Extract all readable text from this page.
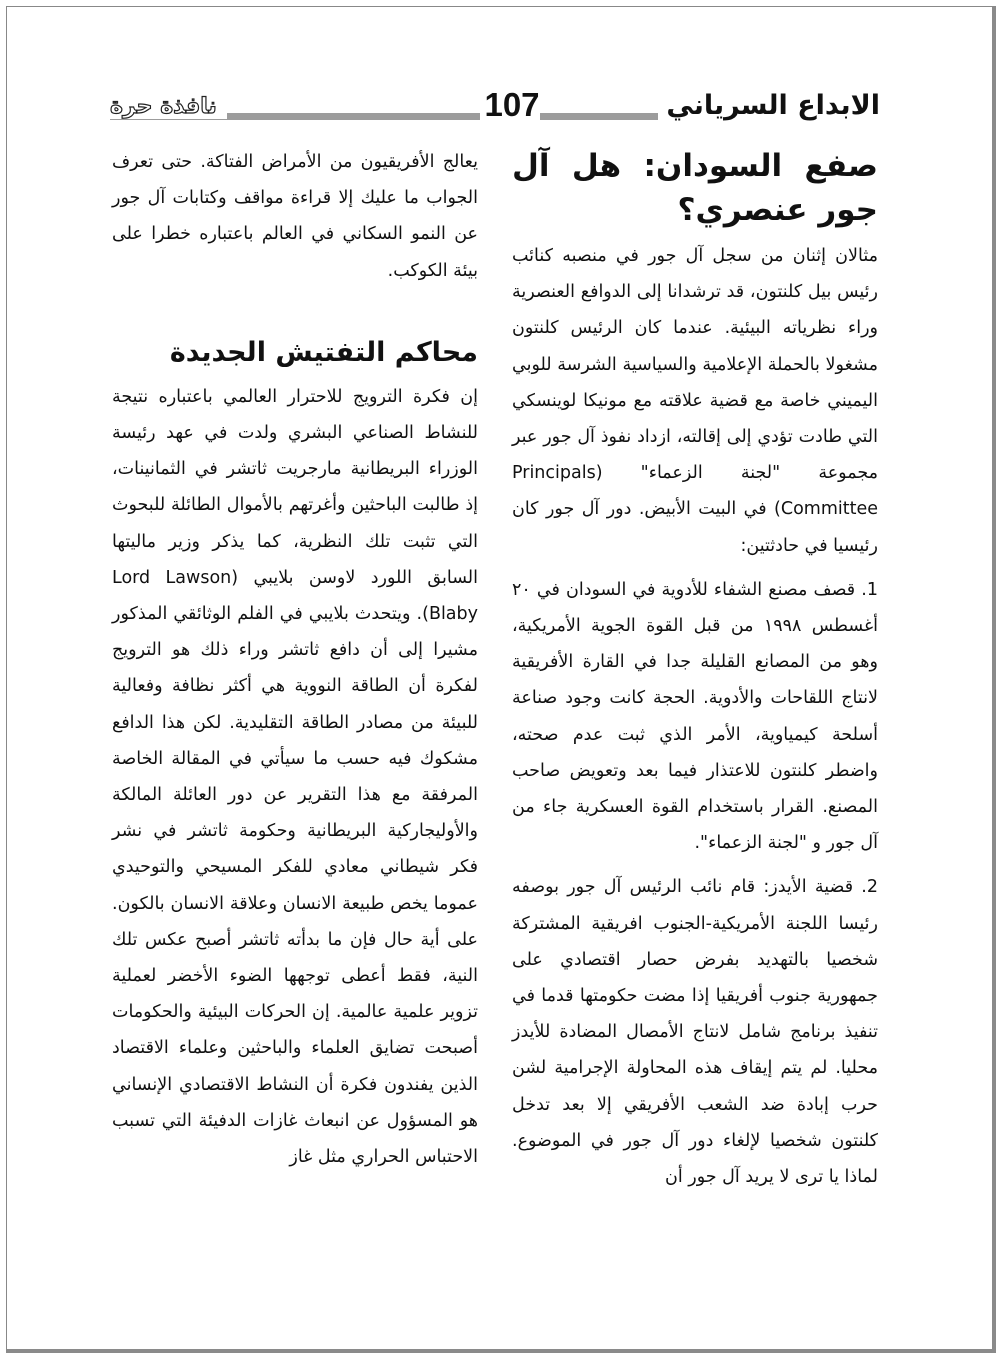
نافذة حرة	107	الابداع السرياني
صفع السودان: هل آل جور عنصري؟

مثالان إثنان من سجل آل جور في منصبه كنائب رئيس بيل كلنتون، قد ترشدانا إلى الدوافع العنصرية وراء نظرياته البيئية. عندما كان الرئيس كلنتون مشغولا بالحملة الإعلامية والسياسية الشرسة للوبي اليميني خاصة مع قضية علاقته مع مونيكا لوينسكي التي طادت تؤدي إلى إقالته، ازداد نفوذ آل جور عبر مجموعة "لجنة الزعماء" (Principals Committee) في البيت الأبيض. دور آل جور كان رئيسيا في حادثتين:

1. قصف مصنع الشفاء للأدوية في السودان في ٢٠ أغسطس ١٩٩٨ من قبل القوة الجوية الأمريكية، وهو من المصانع القليلة جدا في القارة الأفريقية لانتاج اللقاحات والأدوية. الحجة كانت وجود صناعة أسلحة كيمياوية، الأمر الذي ثبت عدم صحته، واضطر كلنتون للاعتذار فيما بعد وتعويض صاحب المصنع. القرار باستخدام القوة العسكرية جاء من آل جور و "لجنة الزعماء".

2. قضية الأيدز: قام نائب الرئيس آل جور بوصفه رئيسا اللجنة الأمريكية-الجنوب افريقية المشتركة شخصيا بالتهديد بفرض حصار اقتصادي على جمهورية جنوب أفريقيا إذا مضت حكومتها قدما في تنفيذ برنامج شامل لانتاج الأمصال المضادة للأيدز محليا. لم يتم إيقاف هذه المحاولة الإجرامية لشن حرب إبادة ضد الشعب الأفريقي إلا بعد تدخل كلنتون شخصيا لإلغاء دور آل جور في الموضوع. لماذا يا ترى لا يريد آل جور أن

يعالج الأفريقيون من الأمراض الفتاكة. حتى تعرف الجواب ما عليك إلا قراءة مواقف وكتابات آل جور عن النمو السكاني في العالم باعتباره خطرا على بيئة الكوكب.

محاكم التفتيش الجديدة

إن فكرة الترويج للاحترار العالمي باعتباره نتيجة للنشاط الصناعي البشري ولدت في عهد رئيسة الوزراء البريطانية مارجريت ثاتشر في الثمانينات، إذ طالبت الباحثين وأغرتهم بالأموال الطائلة للبحوث التي تثبت تلك النظرية، كما يذكر وزير ماليتها السابق اللورد لاوسن بلايبي (Lord Lawson Blaby). ويتحدث بلايبي في الفلم الوثائقي المذكور مشيرا إلى أن دافع ثاتشر وراء ذلك هو الترويج لفكرة أن الطاقة النووية هي أكثر نظافة وفعالية للبيئة من مصادر الطاقة التقليدية. لكن هذا الدافع مشكوك فيه حسب ما سيأتي في المقالة الخاصة المرفقة مع هذا التقرير عن دور العائلة المالكة والأوليجاركية البريطانية وحكومة ثاتشر في نشر فكر شيطاني معادي للفكر المسيحي والتوحيدي عموما يخص طبيعة الانسان وعلاقة الانسان بالكون. على أية حال فإن ما بدأته ثاتشر أصبح عكس تلك النية، فقط أعطى توجهها الضوء الأخضر لعملية تزوير علمية عالمية. إن الحركات البيئية والحكومات أصبحت تضايق العلماء والباحثين وعلماء الاقتصاد الذين يفندون فكرة أن النشاط الاقتصادي الإنساني هو المسؤول عن انبعاث غازات الدفيئة التي تسبب الاحتباس الحراري مثل غاز
